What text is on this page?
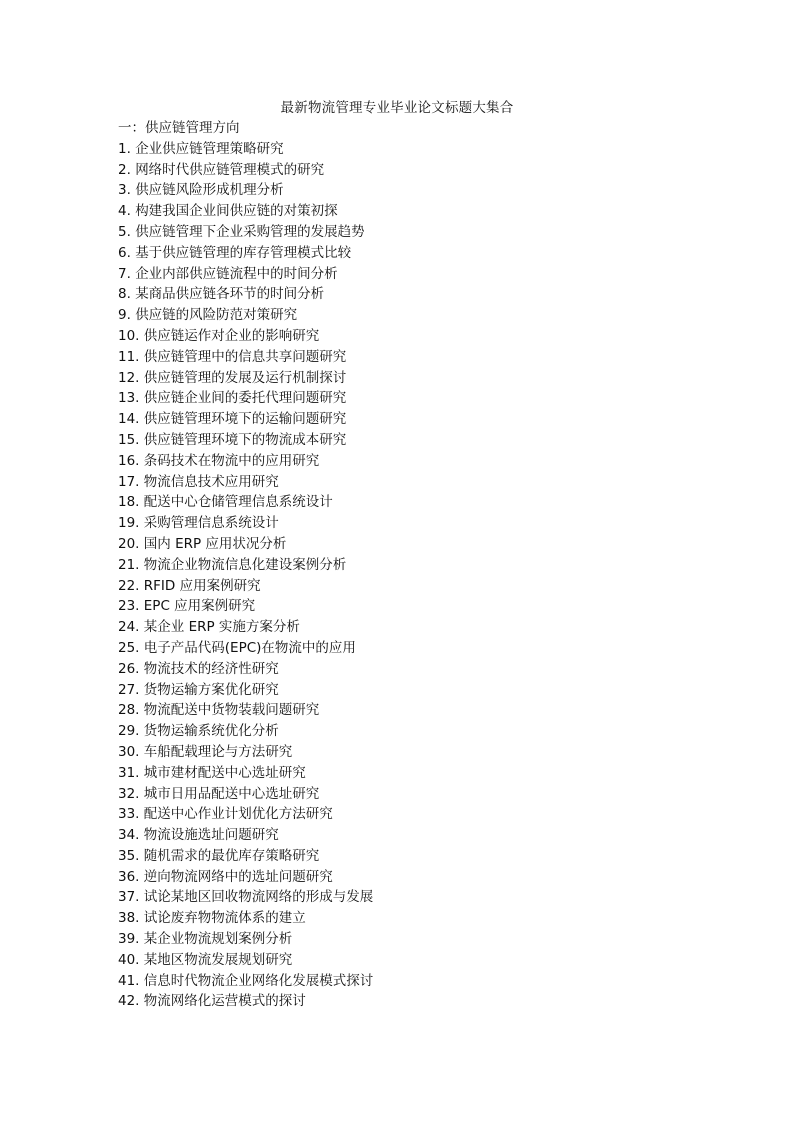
最新物流管理专业毕业论文标题大集合
一：供应链管理方向
1. 企业供应链管理策略研究
2. 网络时代供应链管理模式的研究
3. 供应链风险形成机理分析
4. 构建我国企业间供应链的对策初探
5. 供应链管理下企业采购管理的发展趋势
6. 基于供应链管理的库存管理模式比较
7. 企业内部供应链流程中的时间分析
8. 某商品供应链各环节的时间分析
9. 供应链的风险防范对策研究
10. 供应链运作对企业的影响研究
11. 供应链管理中的信息共享问题研究
12. 供应链管理的发展及运行机制探讨
13. 供应链企业间的委托代理问题研究
14. 供应链管理环境下的运输问题研究
15. 供应链管理环境下的物流成本研究
16. 条码技术在物流中的应用研究
17. 物流信息技术应用研究
18. 配送中心仓储管理信息系统设计
19. 采购管理信息系统设计
20. 国内 ERP 应用状况分析
21. 物流企业物流信息化建设案例分析
22. RFID 应用案例研究
23. EPC 应用案例研究
24. 某企业 ERP 实施方案分析
25. 电子产品代码(EPC)在物流中的应用
26. 物流技术的经济性研究
27. 货物运输方案优化研究
28. 物流配送中货物装载问题研究
29. 货物运输系统优化分析
30. 车船配载理论与方法研究
31. 城市建材配送中心选址研究
32. 城市日用品配送中心选址研究
33. 配送中心作业计划优化方法研究
34. 物流设施选址问题研究
35. 随机需求的最优库存策略研究
36. 逆向物流网络中的选址问题研究
37. 试论某地区回收物流网络的形成与发展
38. 试论废弃物物流体系的建立
39. 某企业物流规划案例分析
40. 某地区物流发展规划研究
41. 信息时代物流企业网络化发展模式探讨
42. 物流网络化运营模式的探讨
